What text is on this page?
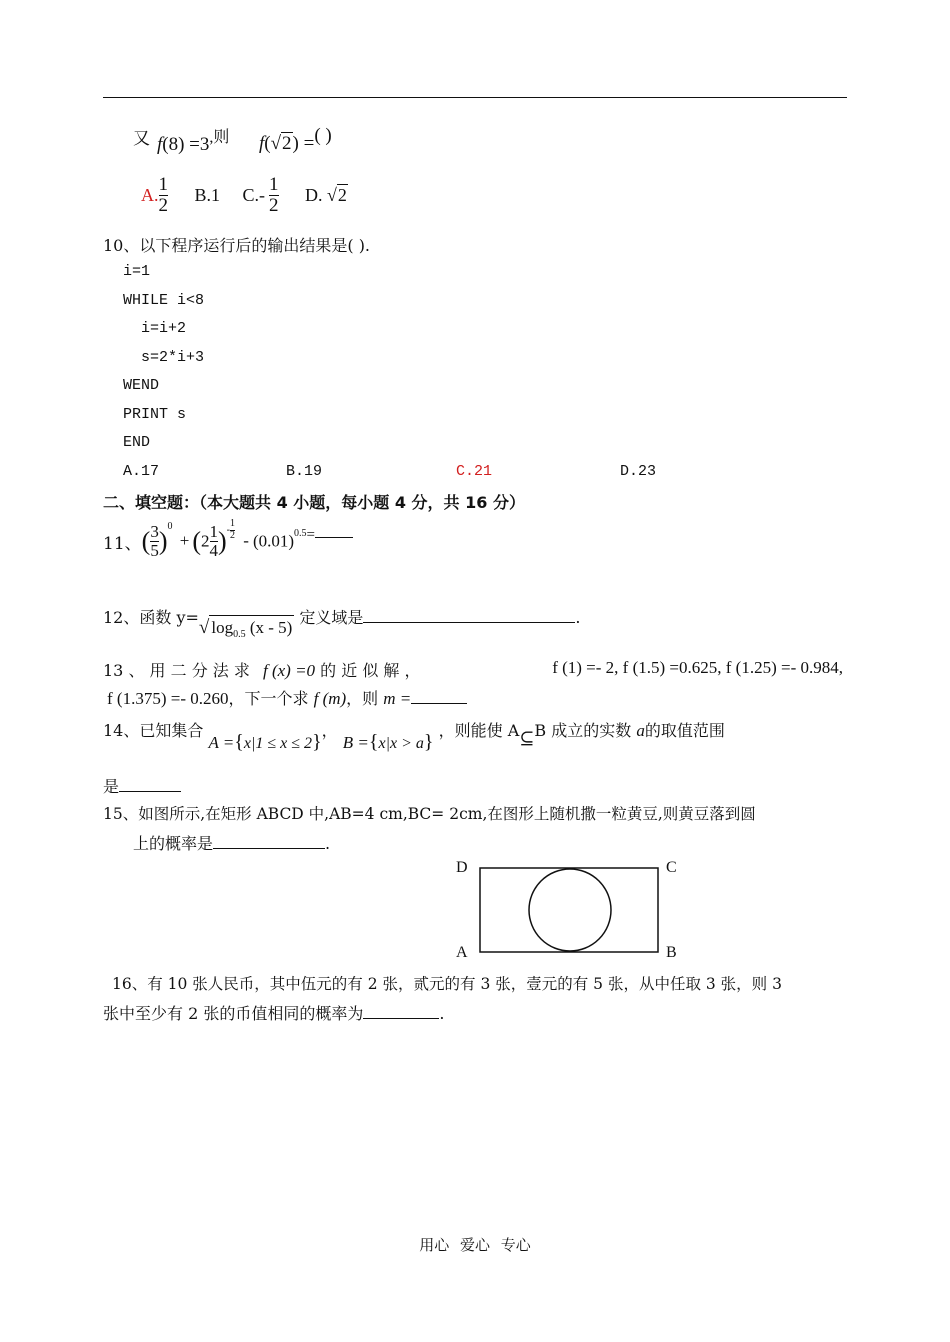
又 $f(8) =3^{,则}$ f(√2) =( )
A. $\frac{1}{2} B.1$ $C.- \frac{1}{2} D$. √2
10、以下程序运行后的输出结果是( ).
i=1
WHILE i<8
i=i+2
s=2*i+3
WEND
PRINT s
END
A.17	B.19	C.21	D.23
二、填空题：（本大题共 4 小题，每小题 4 分，共 16 分）
11、( $\frac{3}{5} )^0 + (2 \frac{1}{4}$ )- $\frac{1}{2} - (0.01)^{0.5}=$
12、函数 y=√ $\log_{0.5} (x - 5)$ 定义域是	.
13 、 用 二 分 法 求 f (x) =0 的 近 似 解 ，	f (1) =- 2, f (1.5) =0.625, f (1.25) =- 0.984,
f (1.375) =- 0.260，下一个求 f (m)，则 m =
14、已知集合 A ={x|1 ≤ x ≤ 2}， B ={x|x > a} ，则能使 A⊆B 成立的实数 a的取值范围
是
15、如图所示,在矩形 ABCD 中,AB=4 cm,BC= 2cm,在图形上随机撒一粒黄豆,则黄豆落到圆
上的概率是	.
D	C
A	B
16、有 10 张人民币，其中伍元的有 2 张，贰元的有 3 张，壹元的有 5 张，从中任取 3 张，则 3
张中至少有 2 张的币值相同的概率为	.
用心 爱心 专心
